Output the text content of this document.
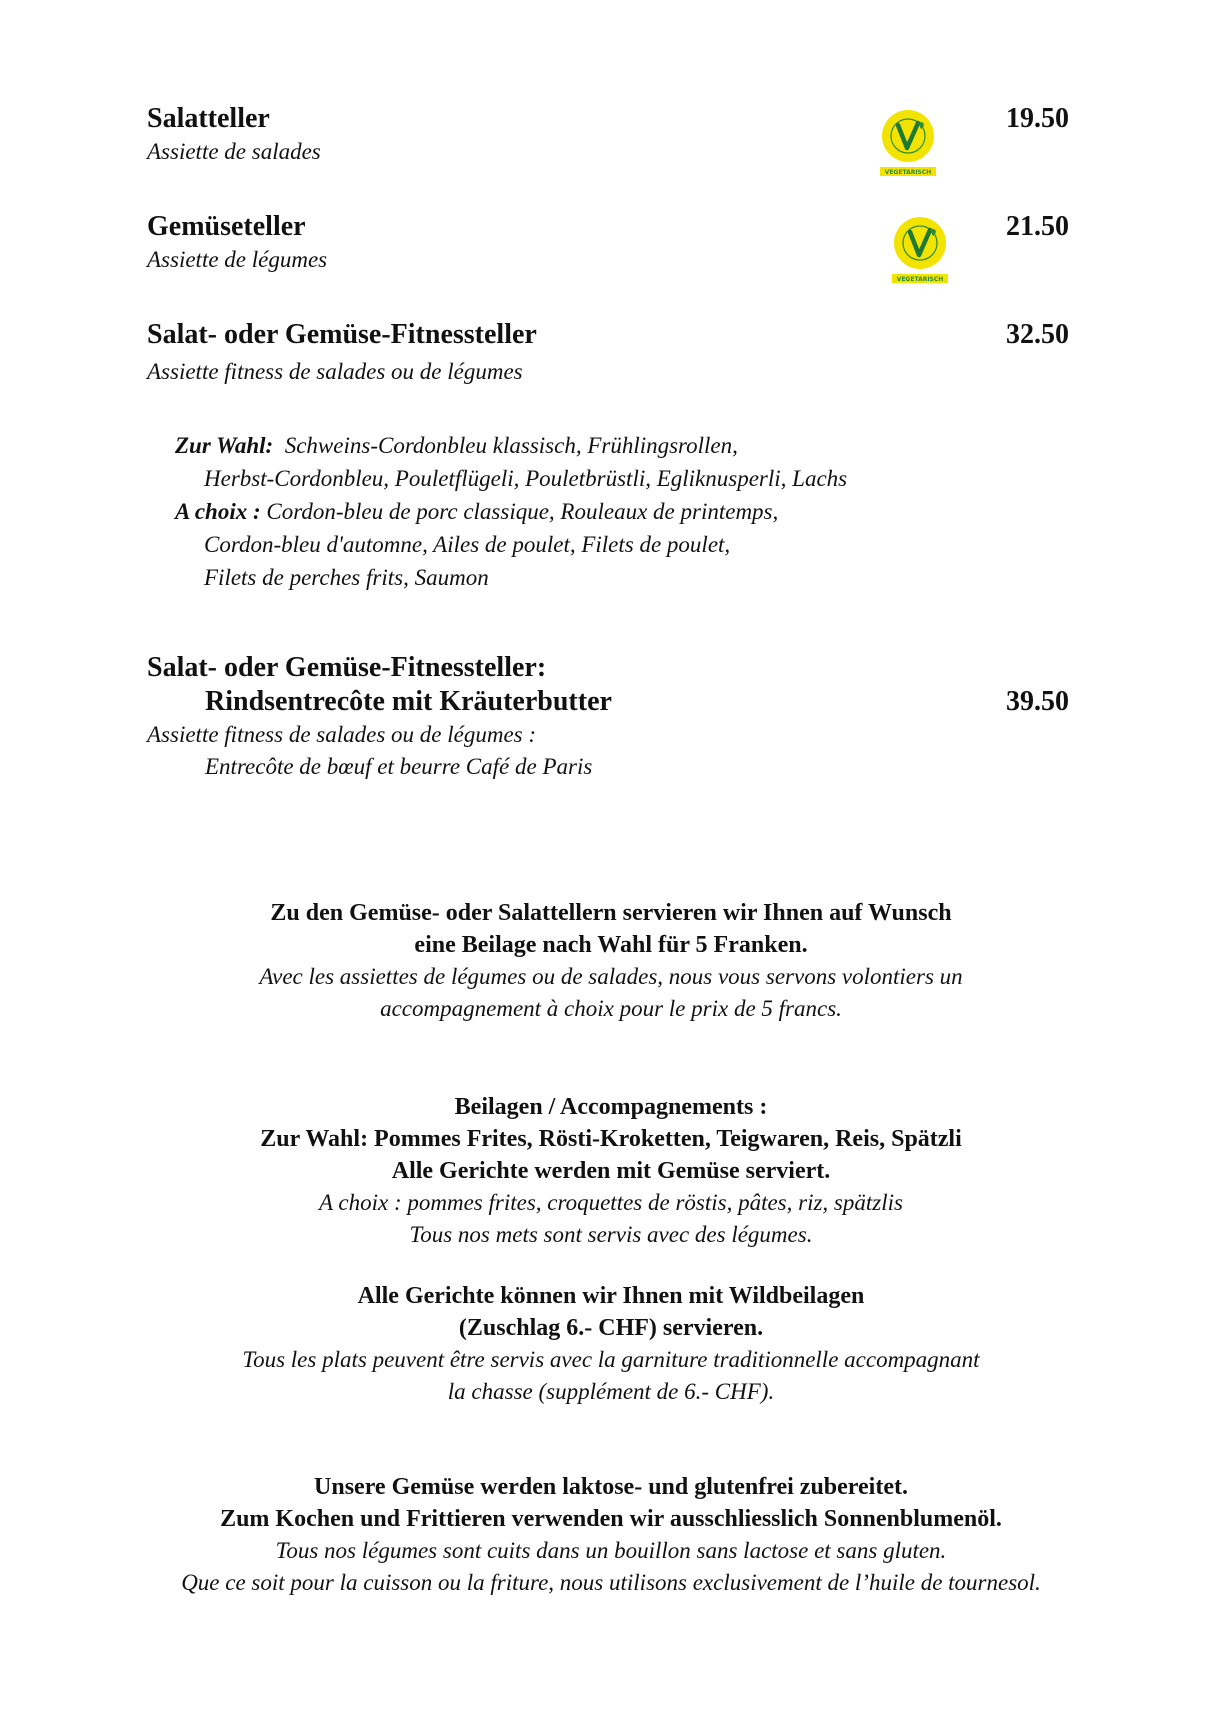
Salatteller
Assiette de salades
19.50
VEGETARISCH
Gemüseteller
Assiette de légumes
21.50
VEGETARISCH
Salat- oder Gemüse-Fitnessteller
Assiette fitness de salades ou de légumes
32.50
Zur Wahl: Schweins-Cordonbleu klassisch, Frühlingsrollen,
Herbst-Cordonbleu, Pouletflügeli, Pouletbrüstli, Egliknusperli, Lachs
A choix : Cordon-bleu de porc classique, Rouleaux de printemps,
Cordon-bleu d'automne, Ailes de poulet, Filets de poulet,
Filets de perches frits, Saumon
Salat- oder Gemüse-Fitnessteller:
Rindsentrecôte mit Kräuterbutter
Assiette fitness de salades ou de légumes :
Entrecôte de bœuf et beurre Café de Paris
39.50
Zu den Gemüse- oder Salattellern servieren wir Ihnen auf Wunsch
eine Beilage nach Wahl für 5 Franken.
Avec les assiettes de légumes ou de salades, nous vous servons volontiers un
accompagnement à choix pour le prix de 5 francs.
Beilagen / Accompagnements :
Zur Wahl: Pommes Frites, Rösti-Kroketten, Teigwaren, Reis, Spätzli
Alle Gerichte werden mit Gemüse serviert.
A choix : pommes frites, croquettes de röstis, pâtes, riz, spätzlis
Tous nos mets sont servis avec des légumes.
Alle Gerichte können wir Ihnen mit Wildbeilagen
(Zuschlag 6.- CHF) servieren.
Tous les plats peuvent être servis avec la garniture traditionnelle accompagnant
la chasse (supplément de 6.- CHF).
Unsere Gemüse werden laktose- und glutenfrei zubereitet.
Zum Kochen und Frittieren verwenden wir ausschliesslich Sonnenblumenöl.
Tous nos légumes sont cuits dans un bouillon sans lactose et sans gluten.
Que ce soit pour la cuisson ou la friture, nous utilisons exclusivement de l’huile de tournesol.
